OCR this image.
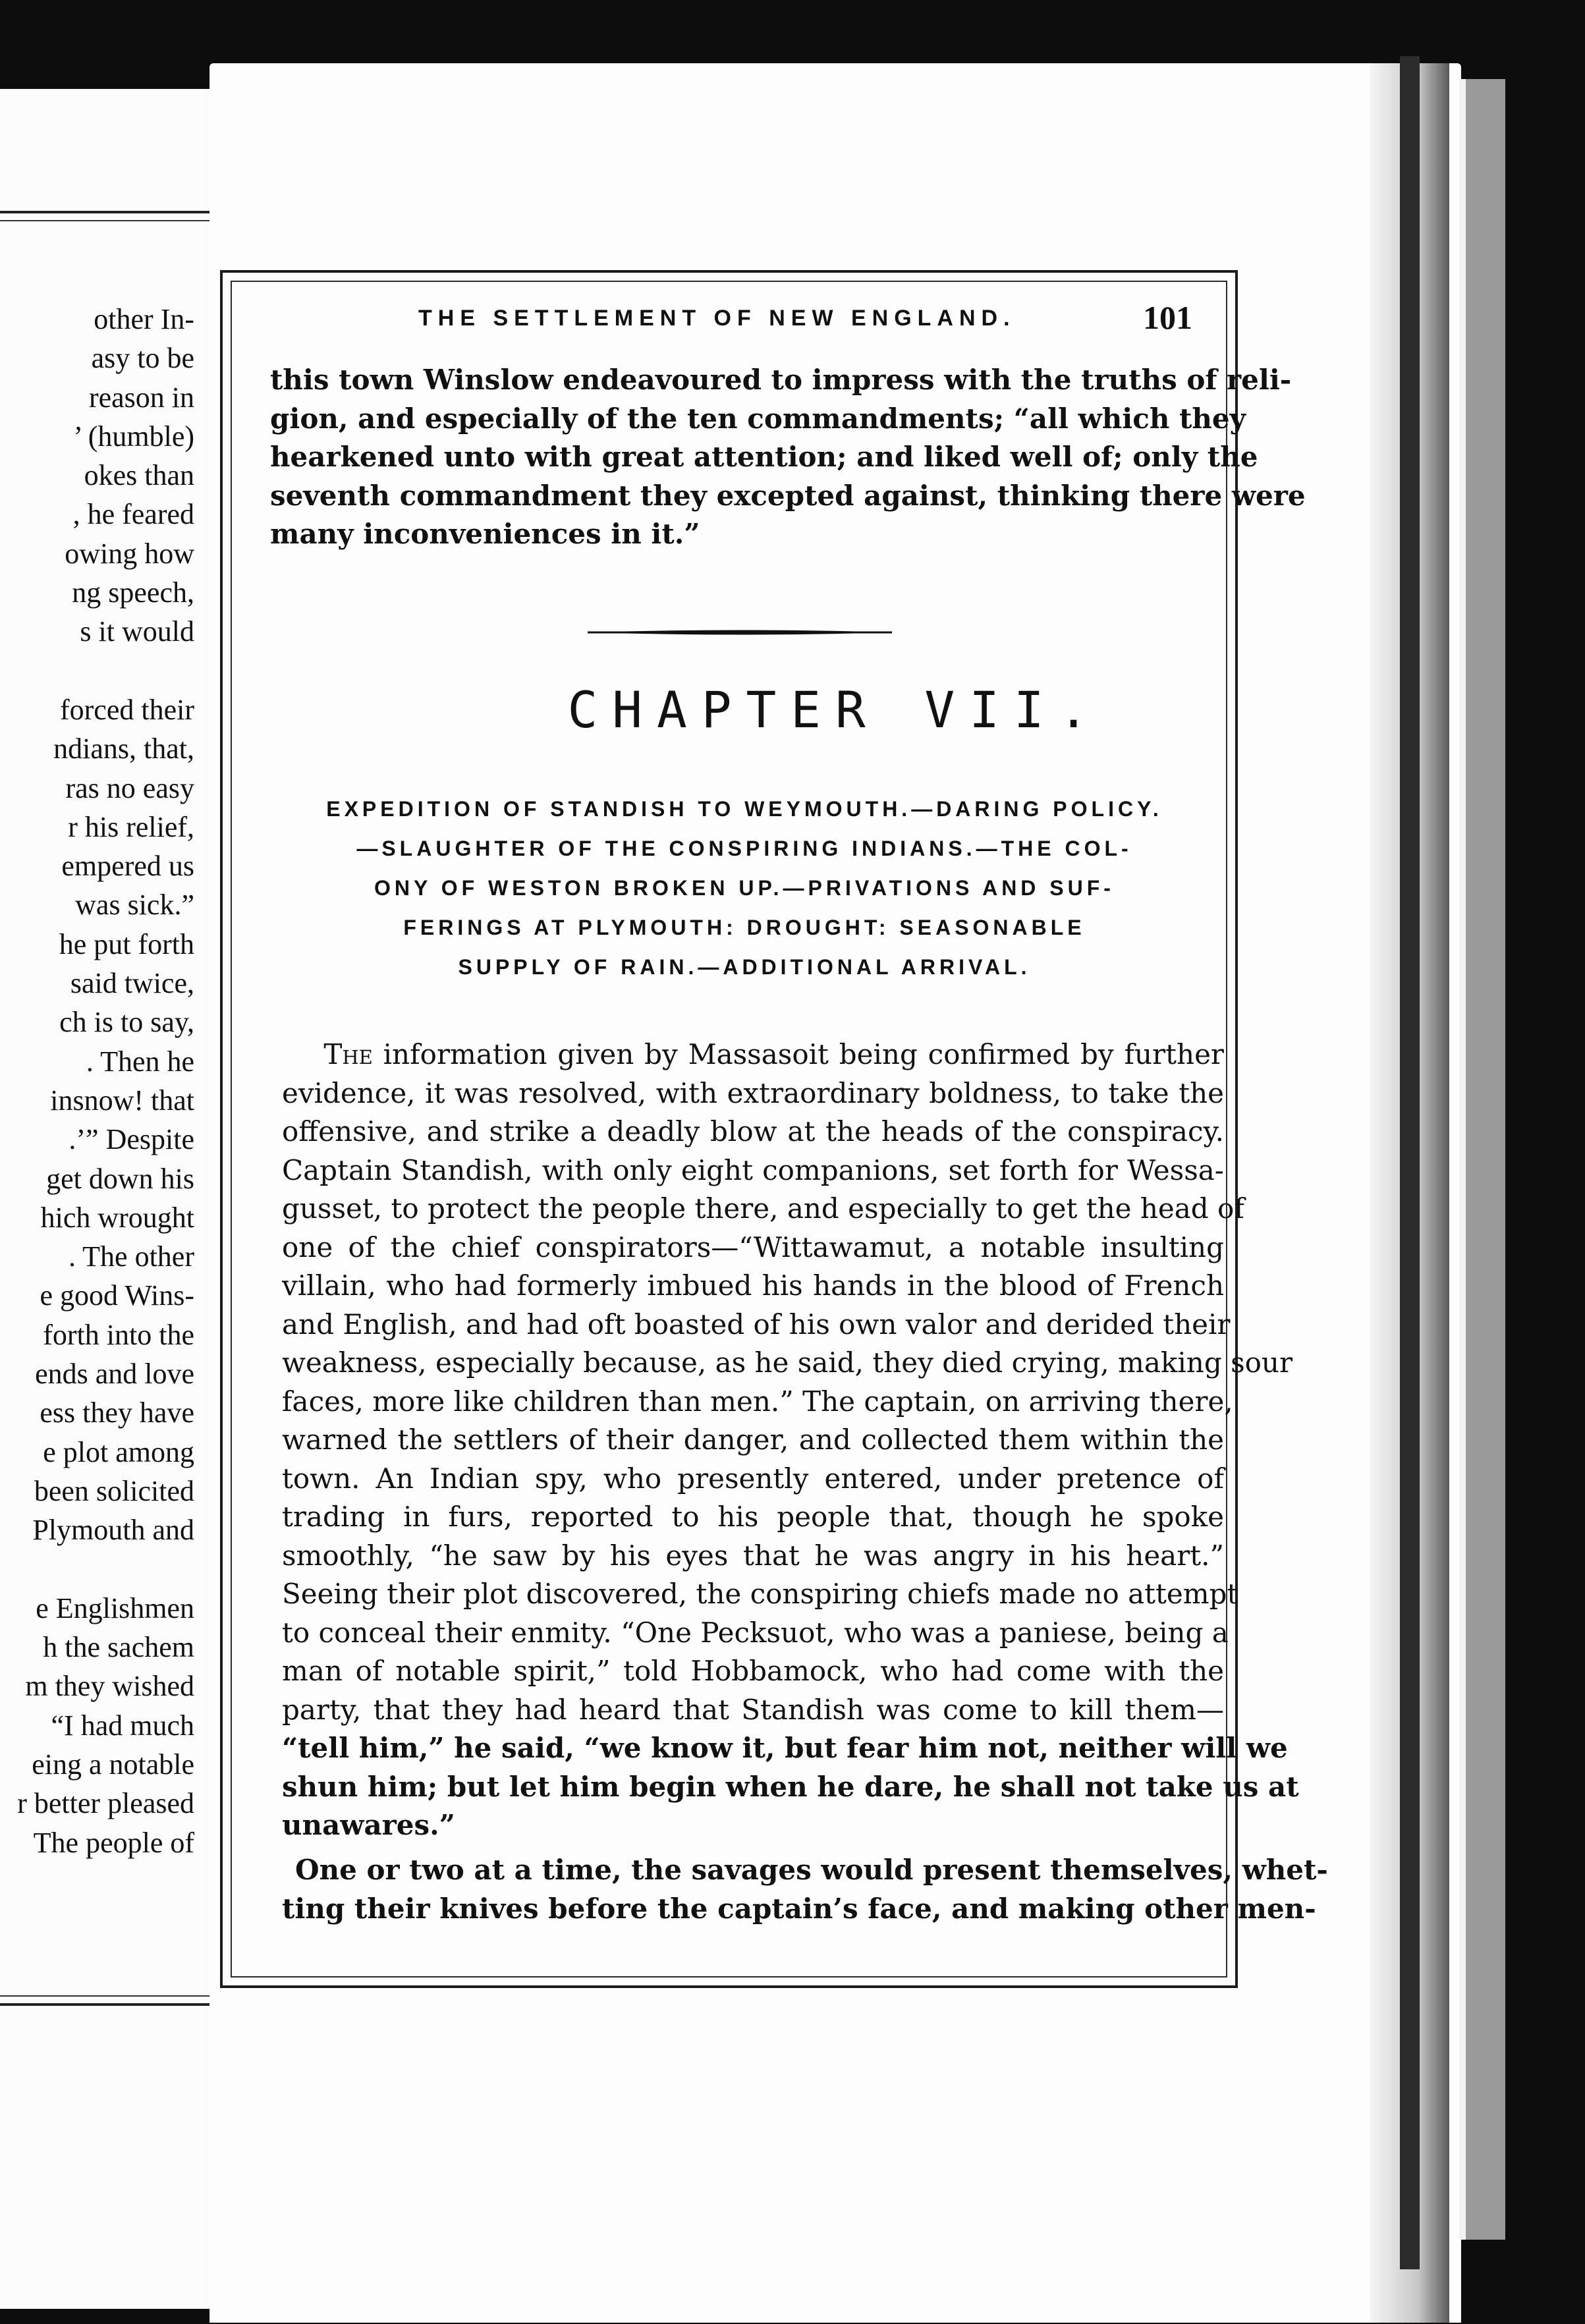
other In-
asy to be
reason in
’ (humble)
okes than
, he feared
owing how
ng speech,
s it would
forced their
ndians, that,
ras no easy
r his relief,
empered us
was sick.”
he put forth
said twice,
ch is to say,
. Then he
insnow! that
.’” Despite
get down his
hich wrought
. The other
e good Wins-
forth into the
ends and love
ess they have
e plot among
been solicited
Plymouth and
e Englishmen
h the sachem
m they wished
“I had much
eing a notable
r better pleased
The people of
THE SETTLEMENT OF NEW ENGLAND.	101
this town Winslow endeavoured to impress with the truths of reli-
gion, and especially of the ten commandments; “all which they
hearkened unto with great attention; and liked well of; only the
seventh commandment they excepted against, thinking there were
many inconveniences in it.”
CHAPTER VII.
EXPEDITION OF STANDISH TO WEYMOUTH.—DARING POLICY.
—SLAUGHTER OF THE CONSPIRING INDIANS.—THE COL-
ONY OF WESTON BROKEN UP.—PRIVATIONS AND SUF-
FERINGS AT PLYMOUTH: DROUGHT: SEASONABLE
SUPPLY OF RAIN.—ADDITIONAL ARRIVAL.
The information given by Massasoit being confirmed by further
evidence, it was resolved, with extraordinary boldness, to take the
offensive, and strike a deadly blow at the heads of the conspiracy.
Captain Standish, with only eight companions, set forth for Wessa-
gusset, to protect the people there, and especially to get the head of
one of the chief conspirators—“Wittawamut, a notable insulting
villain, who had formerly imbued his hands in the blood of French
and English, and had oft boasted of his own valor and derided their
weakness, especially because, as he said, they died crying, making sour
faces, more like children than men.” The captain, on arriving there,
warned the settlers of their danger, and collected them within the
town. An Indian spy, who presently entered, under pretence of
trading in furs, reported to his people that, though he spoke
smoothly, “he saw by his eyes that he was angry in his heart.”
Seeing their plot discovered, the conspiring chiefs made no attempt
to conceal their enmity. “One Pecksuot, who was a paniese, being a
man of notable spirit,” told Hobbamock, who had come with the
party, that they had heard that Standish was come to kill them—
“tell him,” he said, “we know it, but fear him not, neither will we
shun him; but let him begin when he dare, he shall not take us at
unawares.”
One or two at a time, the savages would present themselves, whet-
ting their knives before the captain’s face, and making other men-
